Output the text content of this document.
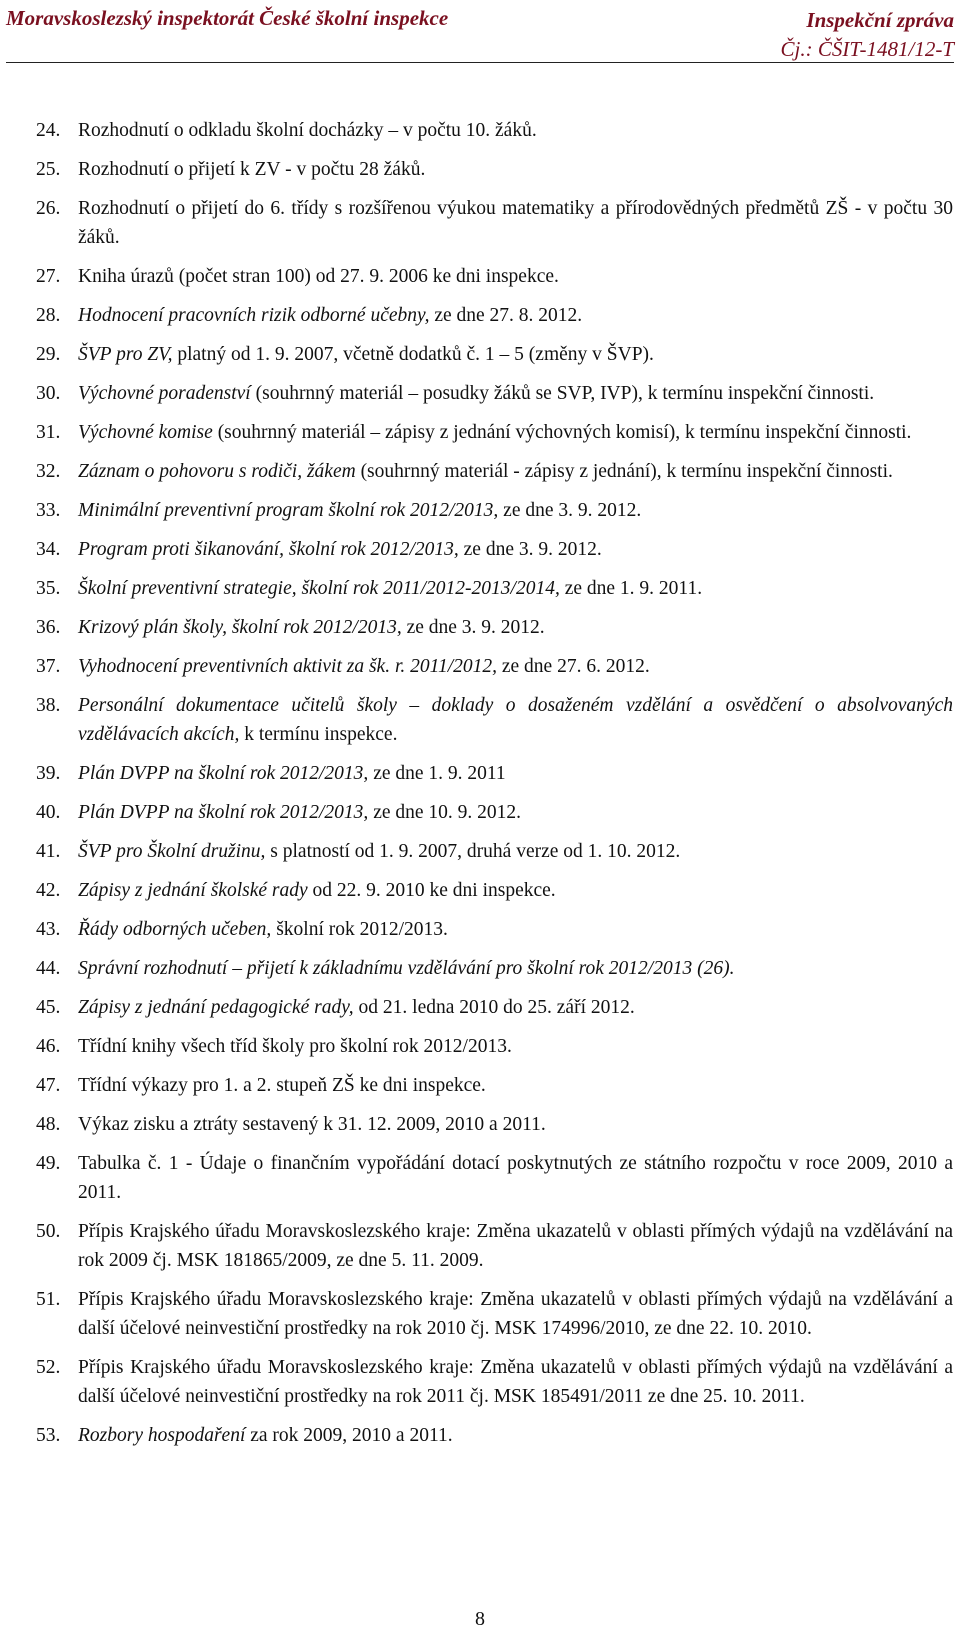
Moravskoslezský inspektorát České školní inspekce	Inspekční zpráva
Čj.: ČŠIT-1481/12-T
24. Rozhodnutí o odkladu školní docházky – v počtu 10. žáků.
25. Rozhodnutí o přijetí k ZV - v počtu 28 žáků.
26. Rozhodnutí o přijetí do 6. třídy s rozšířenou výukou matematiky a přírodovědných předmětů ZŠ - v počtu 30 žáků.
27. Kniha úrazů (počet stran 100) od 27. 9. 2006 ke dni inspekce.
28. Hodnocení pracovních rizik odborné učebny, ze dne 27. 8. 2012.
29. ŠVP pro ZV, platný od 1. 9. 2007, včetně dodatků č. 1 – 5 (změny v ŠVP).
30. Výchovné poradenství (souhrnný materiál – posudky žáků se SVP, IVP), k termínu inspekční činnosti.
31. Výchovné komise (souhrnný materiál – zápisy z jednání výchovných komisí), k termínu inspekční činnosti.
32. Záznam o pohovoru s rodiči, žákem (souhrnný materiál - zápisy z jednání), k termínu inspekční činnosti.
33. Minimální preventivní program školní rok 2012/2013, ze dne 3. 9. 2012.
34. Program proti šikanování, školní rok 2012/2013, ze dne 3. 9. 2012.
35. Školní preventivní strategie, školní rok 2011/2012-2013/2014, ze dne 1. 9. 2011.
36. Krizový plán školy, školní rok 2012/2013, ze dne 3. 9. 2012.
37. Vyhodnocení preventivních aktivit za šk. r. 2011/2012, ze dne 27. 6. 2012.
38. Personální dokumentace učitelů školy – doklady o dosaženém vzdělání a osvědčení o absolvovaných vzdělávacích akcích, k termínu inspekce.
39. Plán DVPP na školní rok 2012/2013, ze dne 1. 9. 2011
40. Plán DVPP na školní rok 2012/2013, ze dne 10. 9. 2012.
41. ŠVP pro Školní družinu, s platností od 1. 9. 2007, druhá verze od 1. 10. 2012.
42. Zápisy z jednání školské rady od 22. 9. 2010 ke dni inspekce.
43. Řády odborných učeben, školní rok 2012/2013.
44. Správní rozhodnutí – přijetí k základnímu vzdělávání pro školní rok 2012/2013 (26).
45. Zápisy z jednání pedagogické rady, od 21. ledna 2010 do 25. září 2012.
46. Třídní knihy všech tříd školy pro školní rok 2012/2013.
47. Třídní výkazy pro 1. a 2. stupeň ZŠ ke dni inspekce.
48. Výkaz zisku a ztráty sestavený k 31. 12. 2009, 2010 a 2011.
49. Tabulka č. 1 - Údaje o finančním vypořádání dotací poskytnutých ze státního rozpočtu v roce 2009, 2010 a 2011.
50. Přípis Krajského úřadu Moravskoslezského kraje: Změna ukazatelů v oblasti přímých výdajů na vzdělávání na rok 2009 čj. MSK 181865/2009, ze dne 5. 11. 2009.
51. Přípis Krajského úřadu Moravskoslezského kraje: Změna ukazatelů v oblasti přímých výdajů na vzdělávání a další účelové neinvestiční prostředky na rok 2010 čj. MSK 174996/2010, ze dne 22. 10. 2010.
52. Přípis Krajského úřadu Moravskoslezského kraje: Změna ukazatelů v oblasti přímých výdajů na vzdělávání a další účelové neinvestiční prostředky na rok 2011 čj. MSK 185491/2011 ze dne 25. 10. 2011.
53. Rozbory hospodaření za rok 2009, 2010 a 2011.
8
